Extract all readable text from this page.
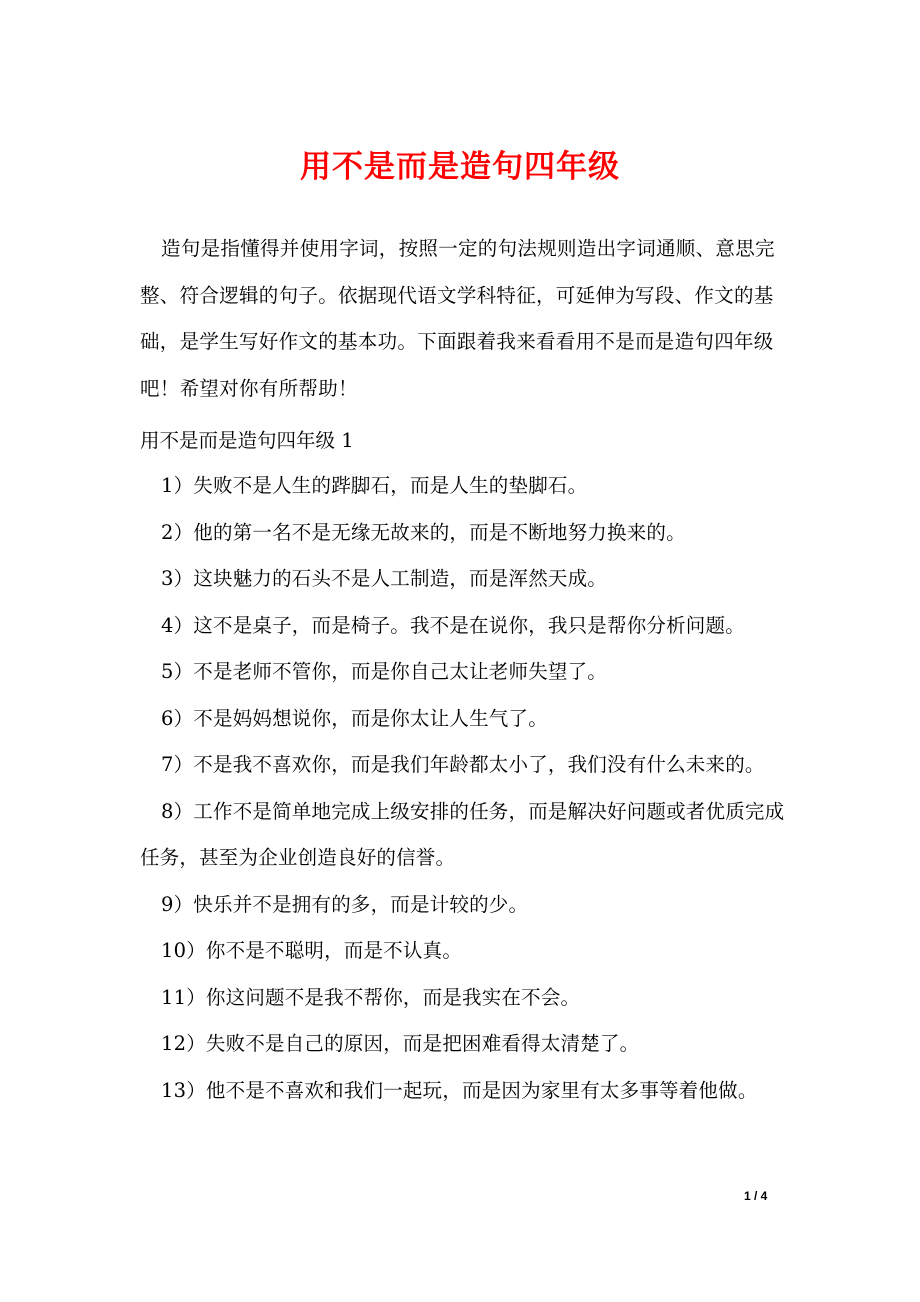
用不是而是造句四年级

造句是指懂得并使用字词，按照一定的句法规则造出字词通顺、意思完整、符合逻辑的句子。依据现代语文学科特征，可延伸为写段、作文的基础，是学生写好作文的基本功。下面跟着我来看看用不是而是造句四年级吧！希望对你有所帮助！

用不是而是造句四年级 1

1）失败不是人生的跸脚石，而是人生的垫脚石。
2）他的第一名不是无缘无故来的，而是不断地努力换来的。
3）这块魅力的石头不是人工制造，而是浑然天成。
4）这不是桌子，而是椅子。我不是在说你，我只是帮你分析问题。
5）不是老师不管你，而是你自己太让老师失望了。
6）不是妈妈想说你，而是你太让人生气了。
7）不是我不喜欢你，而是我们年龄都太小了，我们没有什么未来的。
8）工作不是简单地完成上级安排的任务，而是解决好问题或者优质完成任务，甚至为企业创造良好的信誉。
9）快乐并不是拥有的多，而是计较的少。
10）你不是不聪明，而是不认真。
11）你这问题不是我不帮你，而是我实在不会。
12）失败不是自己的原因，而是把困难看得太清楚了。
13）他不是不喜欢和我们一起玩，而是因为家里有太多事等着他做。
1 / 4
